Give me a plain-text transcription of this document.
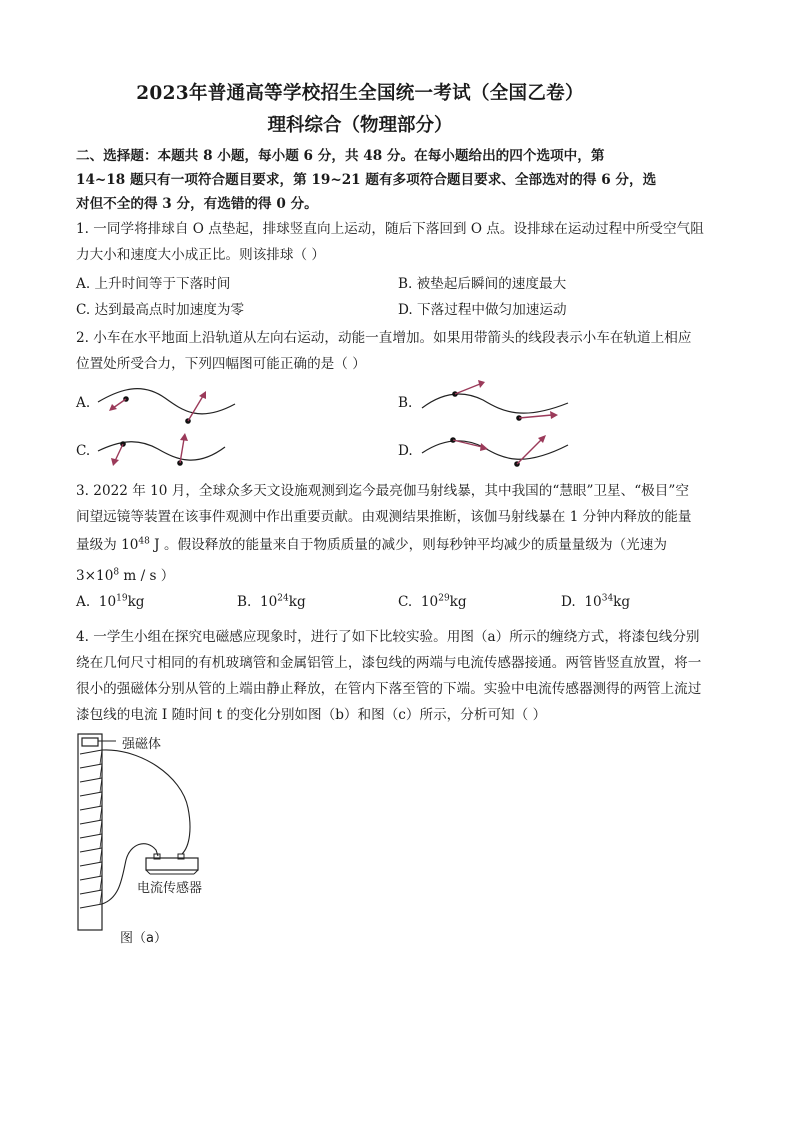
2023年普通高等学校招生全国统一考试（全国乙卷）
理科综合（物理部分）
二、选择题：本题共 8 小题，每小题 6 分，共 48 分。在每小题给出的四个选项中，第
14~18 题只有一项符合题目要求，第 19~21 题有多项符合题目要求、全部选对的得 6 分，选
对但不全的得 3 分，有选错的得 0 分。
1. 一同学将排球自 O 点垫起，排球竖直向上运动，随后下落回到 O 点。设排球在运动过程中所受空气阻
力大小和速度大小成正比。则该排球（ ）
A. 上升时间等于下落时间	B. 被垫起后瞬间的速度最大
C. 达到最高点时加速度为零	D. 下落过程中做匀加速运动
2. 小车在水平地面上沿轨道从左向右运动，动能一直增加。如果用带箭头的线段表示小车在轨道上相应
位置处所受合力，下列四幅图可能正确的是（ ）
A.	B.
C.	D.
3. 2022 年 10 月，全球众多天文设施观测到迄今最亮伽马射线暴，其中我国的“慧眼”卫星、“极目”空
间望远镜等装置在该事件观测中作出重要贡献。由观测结果推断，该伽马射线暴在 1 分钟内释放的能量
量级为 $10^{48}$ J 。假设释放的能量来自于物质质量的减少，则每秒钟平均减少的质量量级为（光速为
$3\times 10^8$ m / s ）
A. $10^{19}kg$	B. $10^{24}kg$	C. $10^{29}kg$	D. $10^{34}kg$
4. 一学生小组在探究电磁感应现象时，进行了如下比较实验。用图（a）所示的缠绕方式，将漆包线分别
绕在几何尺寸相同的有机玻璃管和金属铝管上，漆包线的两端与电流传感器接通。两管皆竖直放置，将一
很小的强磁体分别从管的上端由静止释放，在管内下落至管的下端。实验中电流传感器测得的两管上流过
漆包线的电流 I 随时间 t 的变化分别如图（b）和图（c）所示，分析可知（ ）
强磁体
电流传感器
图（a）
